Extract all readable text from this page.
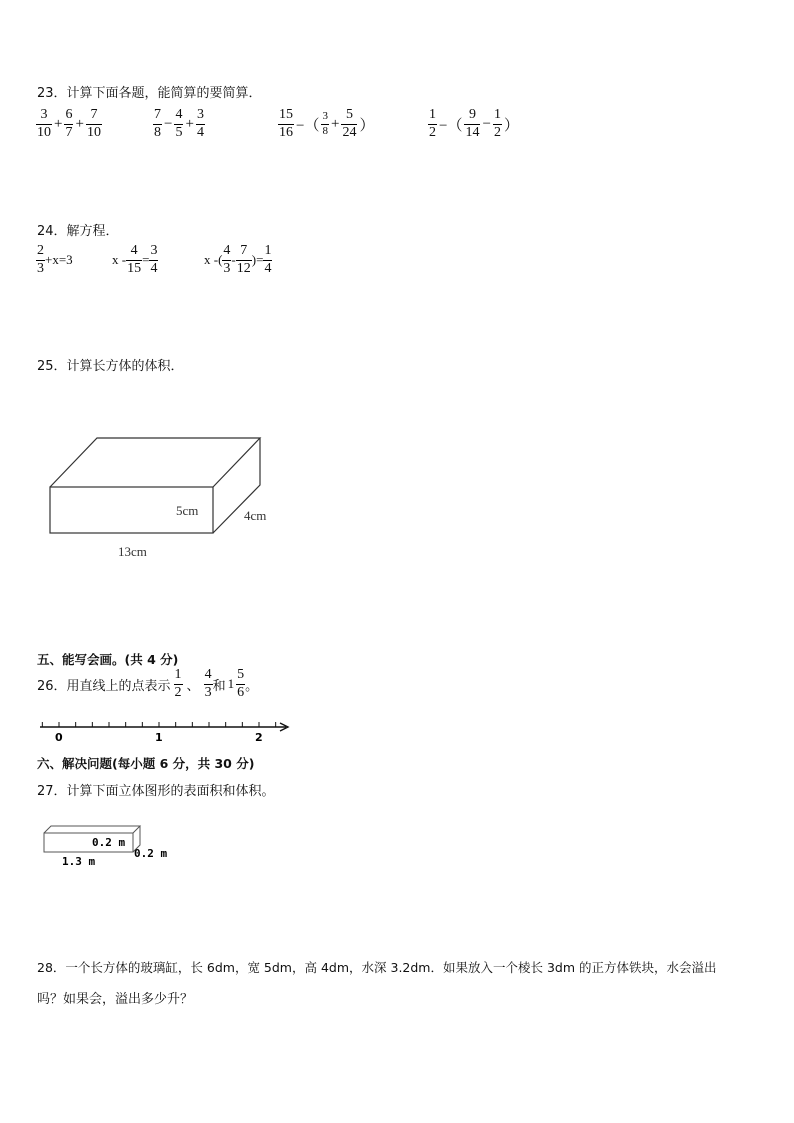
23．计算下面各题，能简算的要简算．
$\frac{3}{10} + \frac{6}{7} + \frac{7}{10}$	$\frac{7}{8} - \frac{4}{5} + \frac{3}{4}$	$\frac{15}{16}$ −（ $\frac{3}{8} + \frac{5}{24}$ ）	$\frac{1}{2}$ −（ $\frac{9}{14} - \frac{1}{2}$ ）
24．解方程．
$\frac{2}{3} +x=3$	$x - \frac{4}{15} = \frac{3}{4}$	x -( $\frac{4}{3} - \frac{7}{12}$ )= $\frac{1}{4}$
25．计算长方体的体积．
5cm	4cm
13cm
0	1	2
0.2 m
0.2 m
1.3 m
五、能写会画。(共 4 分)
26．用直线上的点表示 $\frac{1}{2}$ 、 $\frac{4}{3}$ 和 $1 \frac{5}{6}$ 。
六、解决问题(每小题 6 分，共 30 分)
27．计算下面立体图形的表面积和体积。
28．一个长方体的玻璃缸，长 6dm，宽 5dm，高 4dm，水深 3.2dm．如果放入一个棱长 3dm 的正方体铁块，水会溢出
吗？如果会，溢出多少升？
